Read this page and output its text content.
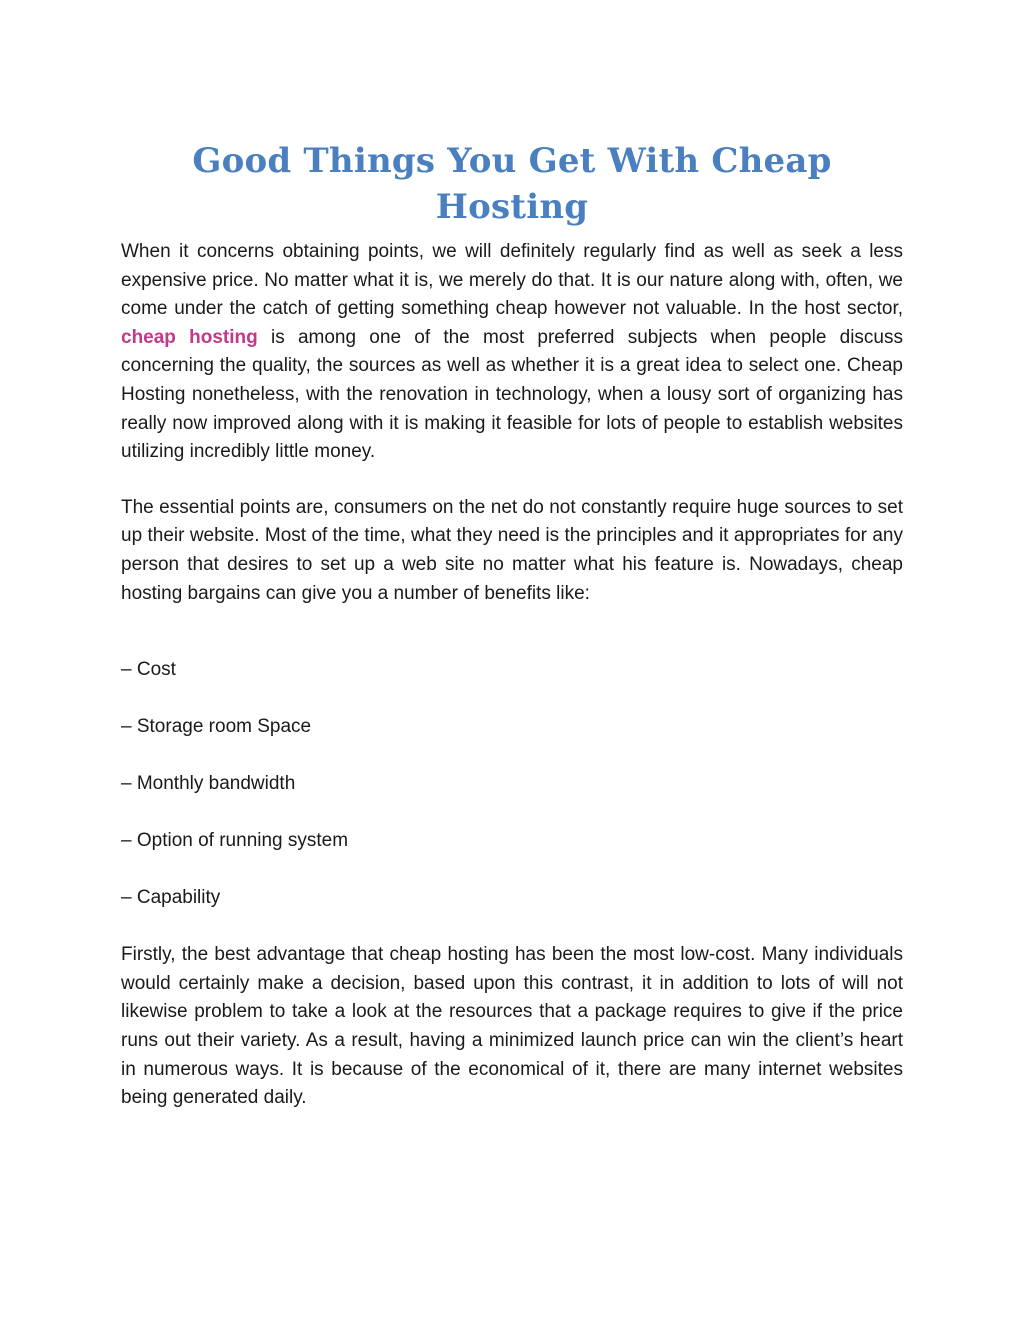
Good Things You Get With Cheap Hosting

When it concerns obtaining points, we will definitely regularly find as well as seek a less expensive price. No matter what it is, we merely do that. It is our nature along with, often, we come under the catch of getting something cheap however not valuable. In the host sector, cheap hosting is among one of the most preferred subjects when people discuss concerning the quality, the sources as well as whether it is a great idea to select one. Cheap Hosting nonetheless, with the renovation in technology, when a lousy sort of organizing has really now improved along with it is making it feasible for lots of people to establish websites utilizing incredibly little money.

The essential points are, consumers on the net do not constantly require huge sources to set up their website. Most of the time, what they need is the principles and it appropriates for any person that desires to set up a web site no matter what his feature is. Nowadays, cheap hosting bargains can give you a number of benefits like:

– Cost
– Storage room Space
– Monthly bandwidth
– Option of running system
– Capability

Firstly, the best advantage that cheap hosting has been the most low-cost. Many individuals would certainly make a decision, based upon this contrast, it in addition to lots of will not likewise problem to take a look at the resources that a package requires to give if the price runs out their variety. As a result, having a minimized launch price can win the client’s heart in numerous ways. It is because of the economical of it, there are many internet websites being generated daily.
